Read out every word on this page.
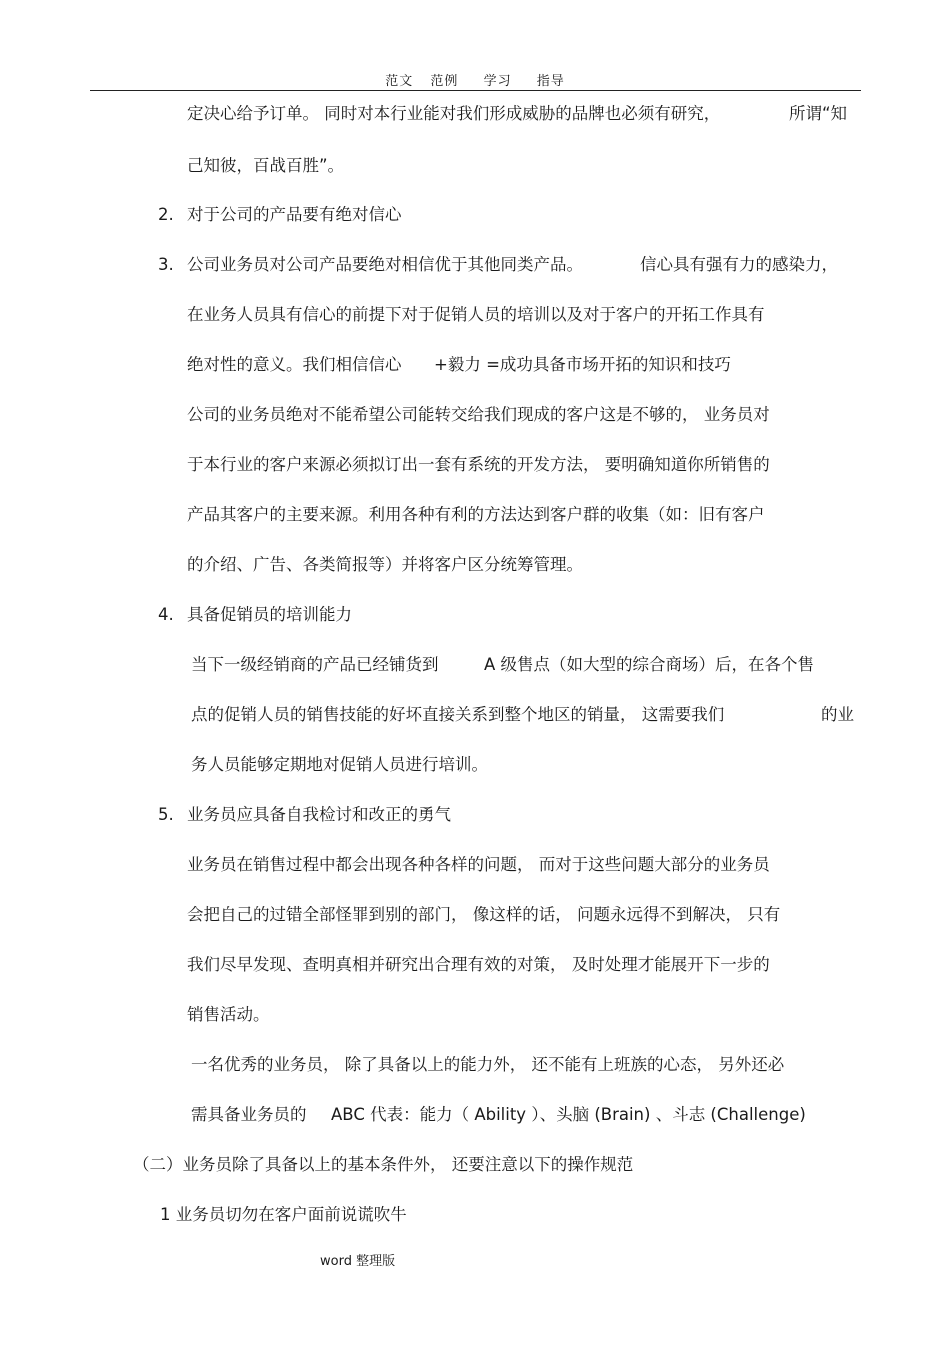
范文 范例 学习 指导
定决心给予订单。 同时对本行业能对我们形成威胁的品牌也必须有研究，	所谓“知
己知彼，百战百胜”。
2. 对于公司的产品要有绝对信心
3. 公司业务员对公司产品要绝对相信优于其他同类产品。	信心具有强有力的感染力，
在业务人员具有信心的前提下对于促销人员的培训以及对于客户的开拓工作具有
绝对性的意义。我们相信信心 +毅力 =成功具备市场开拓的知识和技巧
公司的业务员绝对不能希望公司能转交给我们现成的客户这是不够的， 业务员对
于本行业的客户来源必须拟订出一套有系统的开发方法， 要明确知道你所销售的
产品其客户的主要来源。利用各种有利的方法达到客户群的收集（如：旧有客户
的介绍、广告、各类简报等）并将客户区分统筹管理。
4. 具备促销员的培训能力
当下一级经销商的产品已经铺货到	A 级售点（如大型的综合商场）后，在各个售
点的促销人员的销售技能的好坏直接关系到整个地区的销量， 这需要我们	的业
务人员能够定期地对促销人员进行培训。
5. 业务员应具备自我检讨和改正的勇气
业务员在销售过程中都会出现各种各样的问题， 而对于这些问题大部分的业务员
会把自己的过错全部怪罪到别的部门， 像这样的话， 问题永远得不到解决， 只有
我们尽早发现、查明真相并研究出合理有效的对策， 及时处理才能展开下一步的
销售活动。
一名优秀的业务员， 除了具备以上的能力外， 还不能有上班族的心态， 另外还必
需具备业务员的 ABC 代表：能力（ Ability ）、头脑 (Brain) 、斗志 (Challenge)
（二）业务员除了具备以上的基本条件外， 还要注意以下的操作规范
1 业务员切勿在客户面前说谎吹牛
word 整理版
